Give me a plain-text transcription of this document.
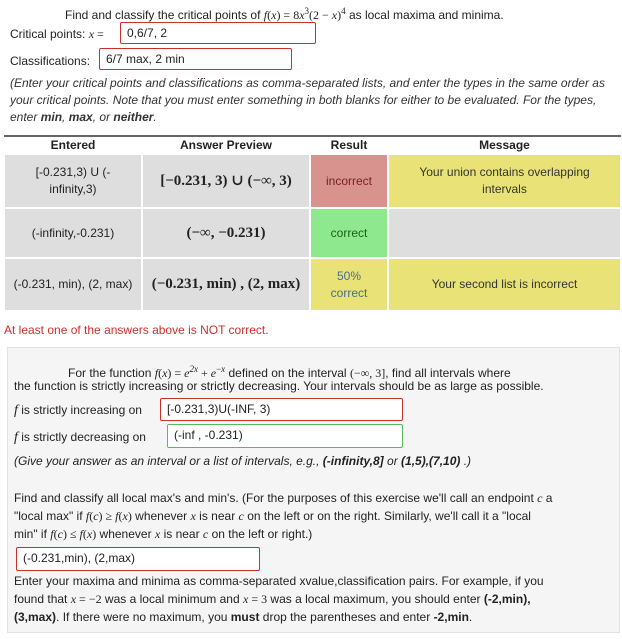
Find and classify the critical points of $f(x) = 8x^3(2 - x)^4$ as local maxima and minima.
Critical points: x =	0,6/7, 2
Classifications:	6/7 max, 2 min
(Enter your critical points and classifications as comma-separated lists, and enter the types in the same order as
your critical points. Note that you must enter something in both blanks for either to be evaluated. For the types,
enter min, max, or neither.
Entered	Answer Preview	Result	Message
[-0.231,3) U (-infinity,3)	[−0.231, 3) ∪ (−∞, 3)	incorrect	Your union contains overlapping intervals
(-infinity,-0.231)	(−∞, −0.231)	correct	
(-0.231, min), (2, max)	(−0.231, min) , (2, max)	50% correct	Your second list is incorrect
At least one of the answers above is NOT correct.
For the function $f(x) = e^{2x} + e^{-x}$ defined on the interval (−∞, 3], find all intervals where
the function is strictly increasing or strictly decreasing. Your intervals should be as large as possible.
f is strictly increasing on	[-0.231,3)U(-INF, 3)
f is strictly decreasing on	(-inf , -0.231)
(Give your answer as an interval or a list of intervals, e.g., (-infinity,8] or (1,5),(7,10) .)
Find and classify all local max's and min's. (For the purposes of this exercise we'll call an endpoint c a
"local max" if f(c) ≥ f(x) whenever x is near c on the left or on the right. Similarly, we'll call it a "local
min" if f(c) ≤ f(x) whenever x is near c on the left or right.)
(-0.231,min), (2,max)
Enter your maxima and minima as comma-separated xvalue,classification pairs. For example, if you
found that x = −2 was a local minimum and x = 3 was a local maximum, you should enter (-2,min),
(3,max). If there were no maximum, you must drop the parentheses and enter -2,min.
